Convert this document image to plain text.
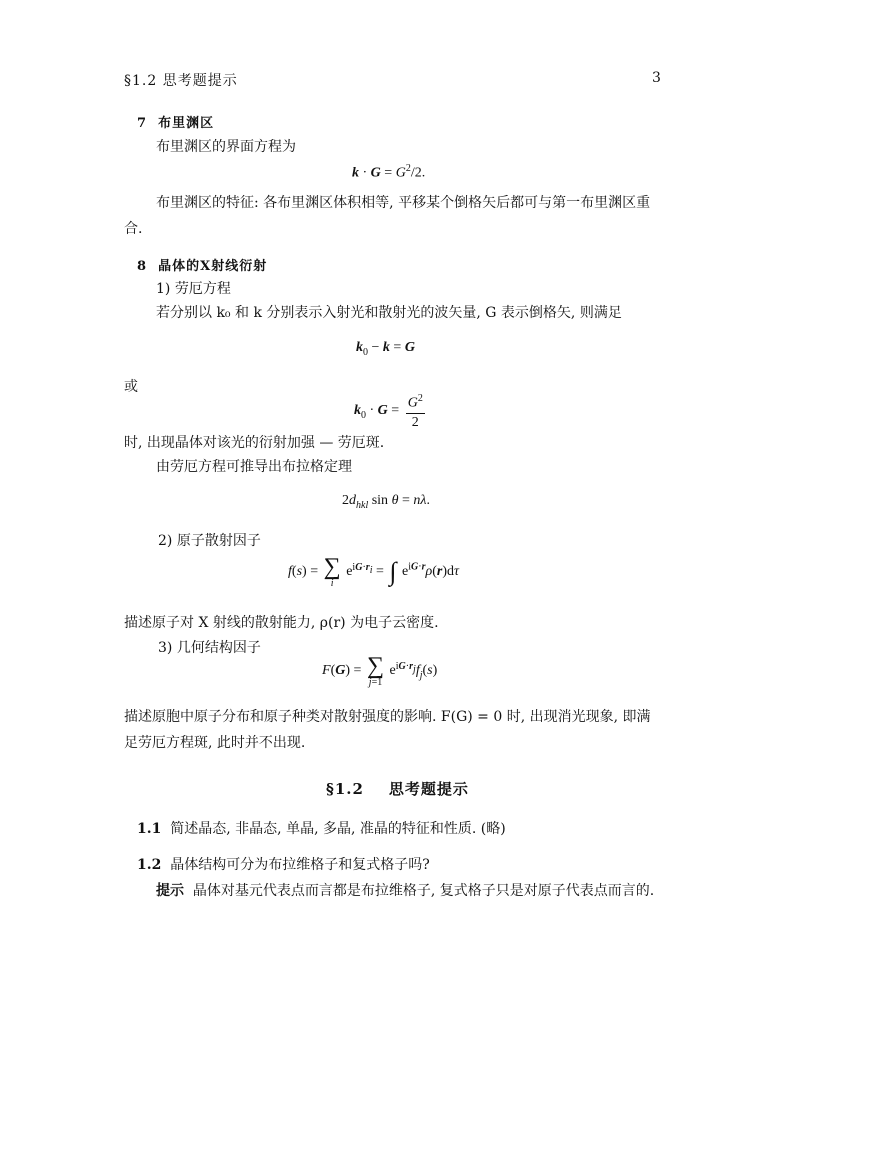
§1.2 思考题提示	3
7 布里渊区
布里渊区的界面方程为
$k \cdot G = G^2/2$.
布里渊区的特征: 各布里渊区体积相等, 平移某个倒格矢后都可与第一布里渊区重合.
8 晶体的X射线衍射
1) 劳厄方程
若分别以 k₀ 和 k 分别表示入射光和散射光的波矢量, G 表示倒格矢, 则满足
$k_0 - k = G$
或
$k_0 \cdot G = \frac{G^2}{2}$
时, 出现晶体对该光的衍射加强 — 劳厄斑.
由劳厄方程可推导出布拉格定理
$2d_{hkl}$ sin θ = nλ.
2) 原子散射因子
f(s) = ∑
i
$e^{iG\cdot r_i}$ = ∫ $e^{iG\cdot r}\rho(r)d\tau$
描述原子对 X 射线的散射能力, ρ(r) 为电子云密度.
3) 几何结构因子
F(G) = ∑
j=1
$e^{iG\cdot r_j}f_j(s)$
描述原胞中原子分布和原子种类对散射强度的影响. F(G) = 0 时, 出现消光现象, 即满足劳厄方程斑, 此时并不出现.
§1.2 思考题提示
1.1 简述晶态, 非晶态, 单晶, 多晶, 准晶的特征和性质. (略)
1.2 晶体结构可分为布拉维格子和复式格子吗?
提示 晶体对基元代表点而言都是布拉维格子, 复式格子只是对原子代表点而言的.
